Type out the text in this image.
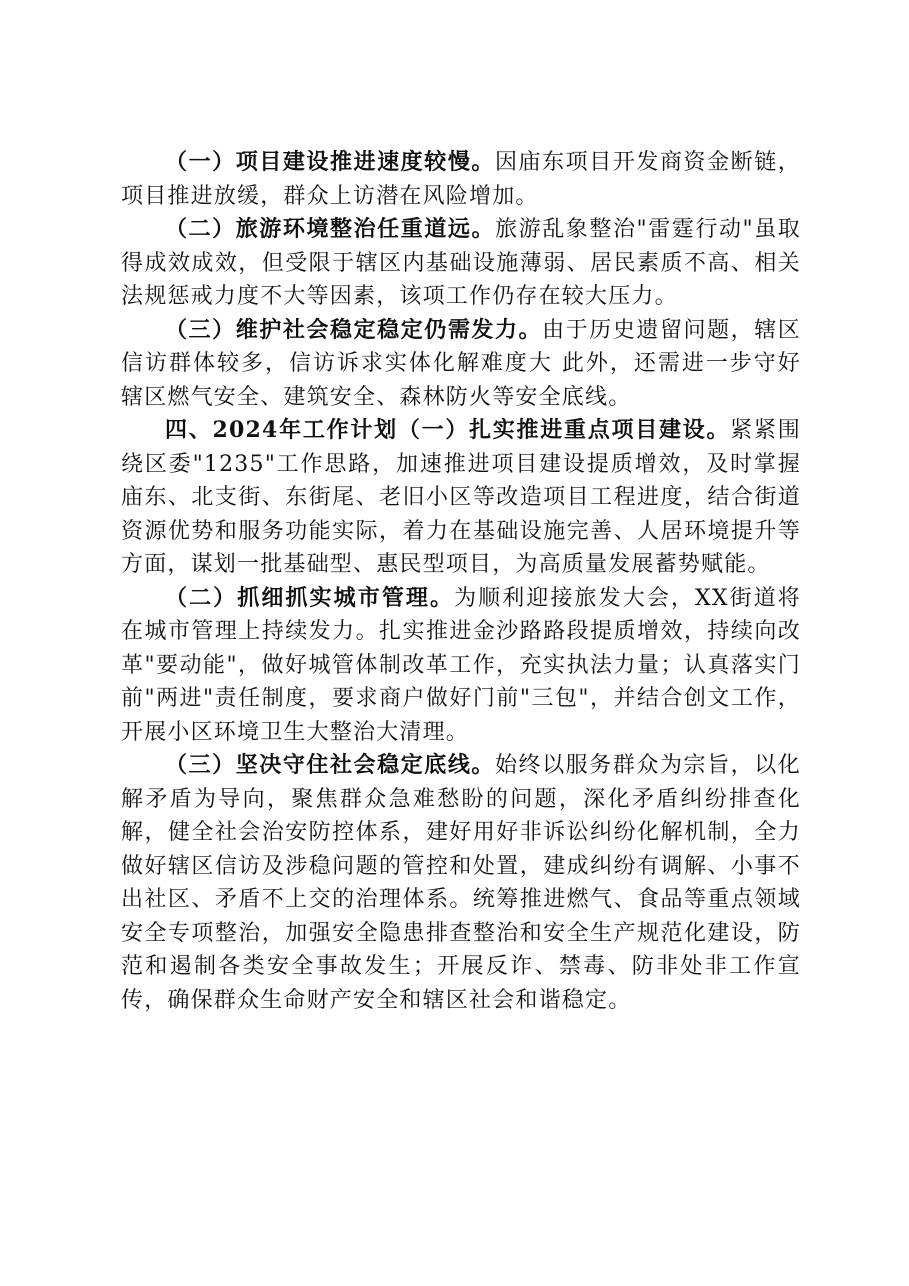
（一）项目建设推进速度较慢。因庙东项目开发商资金断链，项目推进放缓，群众上访潜在风险增加。

（二）旅游环境整治任重道远。旅游乱象整治"雷霆行动"虽取得成效成效，但受限于辖区内基础设施薄弱、居民素质不高、相关法规惩戒力度不大等因素，该项工作仍存在较大压力。

（三）维护社会稳定稳定仍需发力。由于历史遗留问题，辖区信访群体较多，信访诉求实体化解难度大 此外，还需进一步守好辖区燃气安全、建筑安全、森林防火等安全底线。

四、2024年工作计划（一）扎实推进重点项目建设。紧紧围绕区委"1235"工作思路，加速推进项目建设提质增效，及时掌握庙东、北支街、东街尾、老旧小区等改造项目工程进度，结合街道资源优势和服务功能实际，着力在基础设施完善、人居环境提升等方面，谋划一批基础型、惠民型项目，为高质量发展蓄势赋能。

（二）抓细抓实城市管理。为顺利迎接旅发大会，XX街道将在城市管理上持续发力。扎实推进金沙路路段提质增效，持续向改革"要动能"，做好城管体制改革工作，充实执法力量；认真落实门前"两进"责任制度，要求商户做好门前"三包"，并结合创文工作，开展小区环境卫生大整治大清理。

（三）坚决守住社会稳定底线。始终以服务群众为宗旨，以化解矛盾为导向，聚焦群众急难愁盼的问题，深化矛盾纠纷排查化解，健全社会治安防控体系，建好用好非诉讼纠纷化解机制，全力做好辖区信访及涉稳问题的管控和处置，建成纠纷有调解、小事不出社区、矛盾不上交的治理体系。统筹推进燃气、食品等重点领域安全专项整治，加强安全隐患排查整治和安全生产规范化建设，防范和遏制各类安全事故发生；开展反诈、禁毒、防非处非工作宣传，确保群众生命财产安全和辖区社会和谐稳定。
